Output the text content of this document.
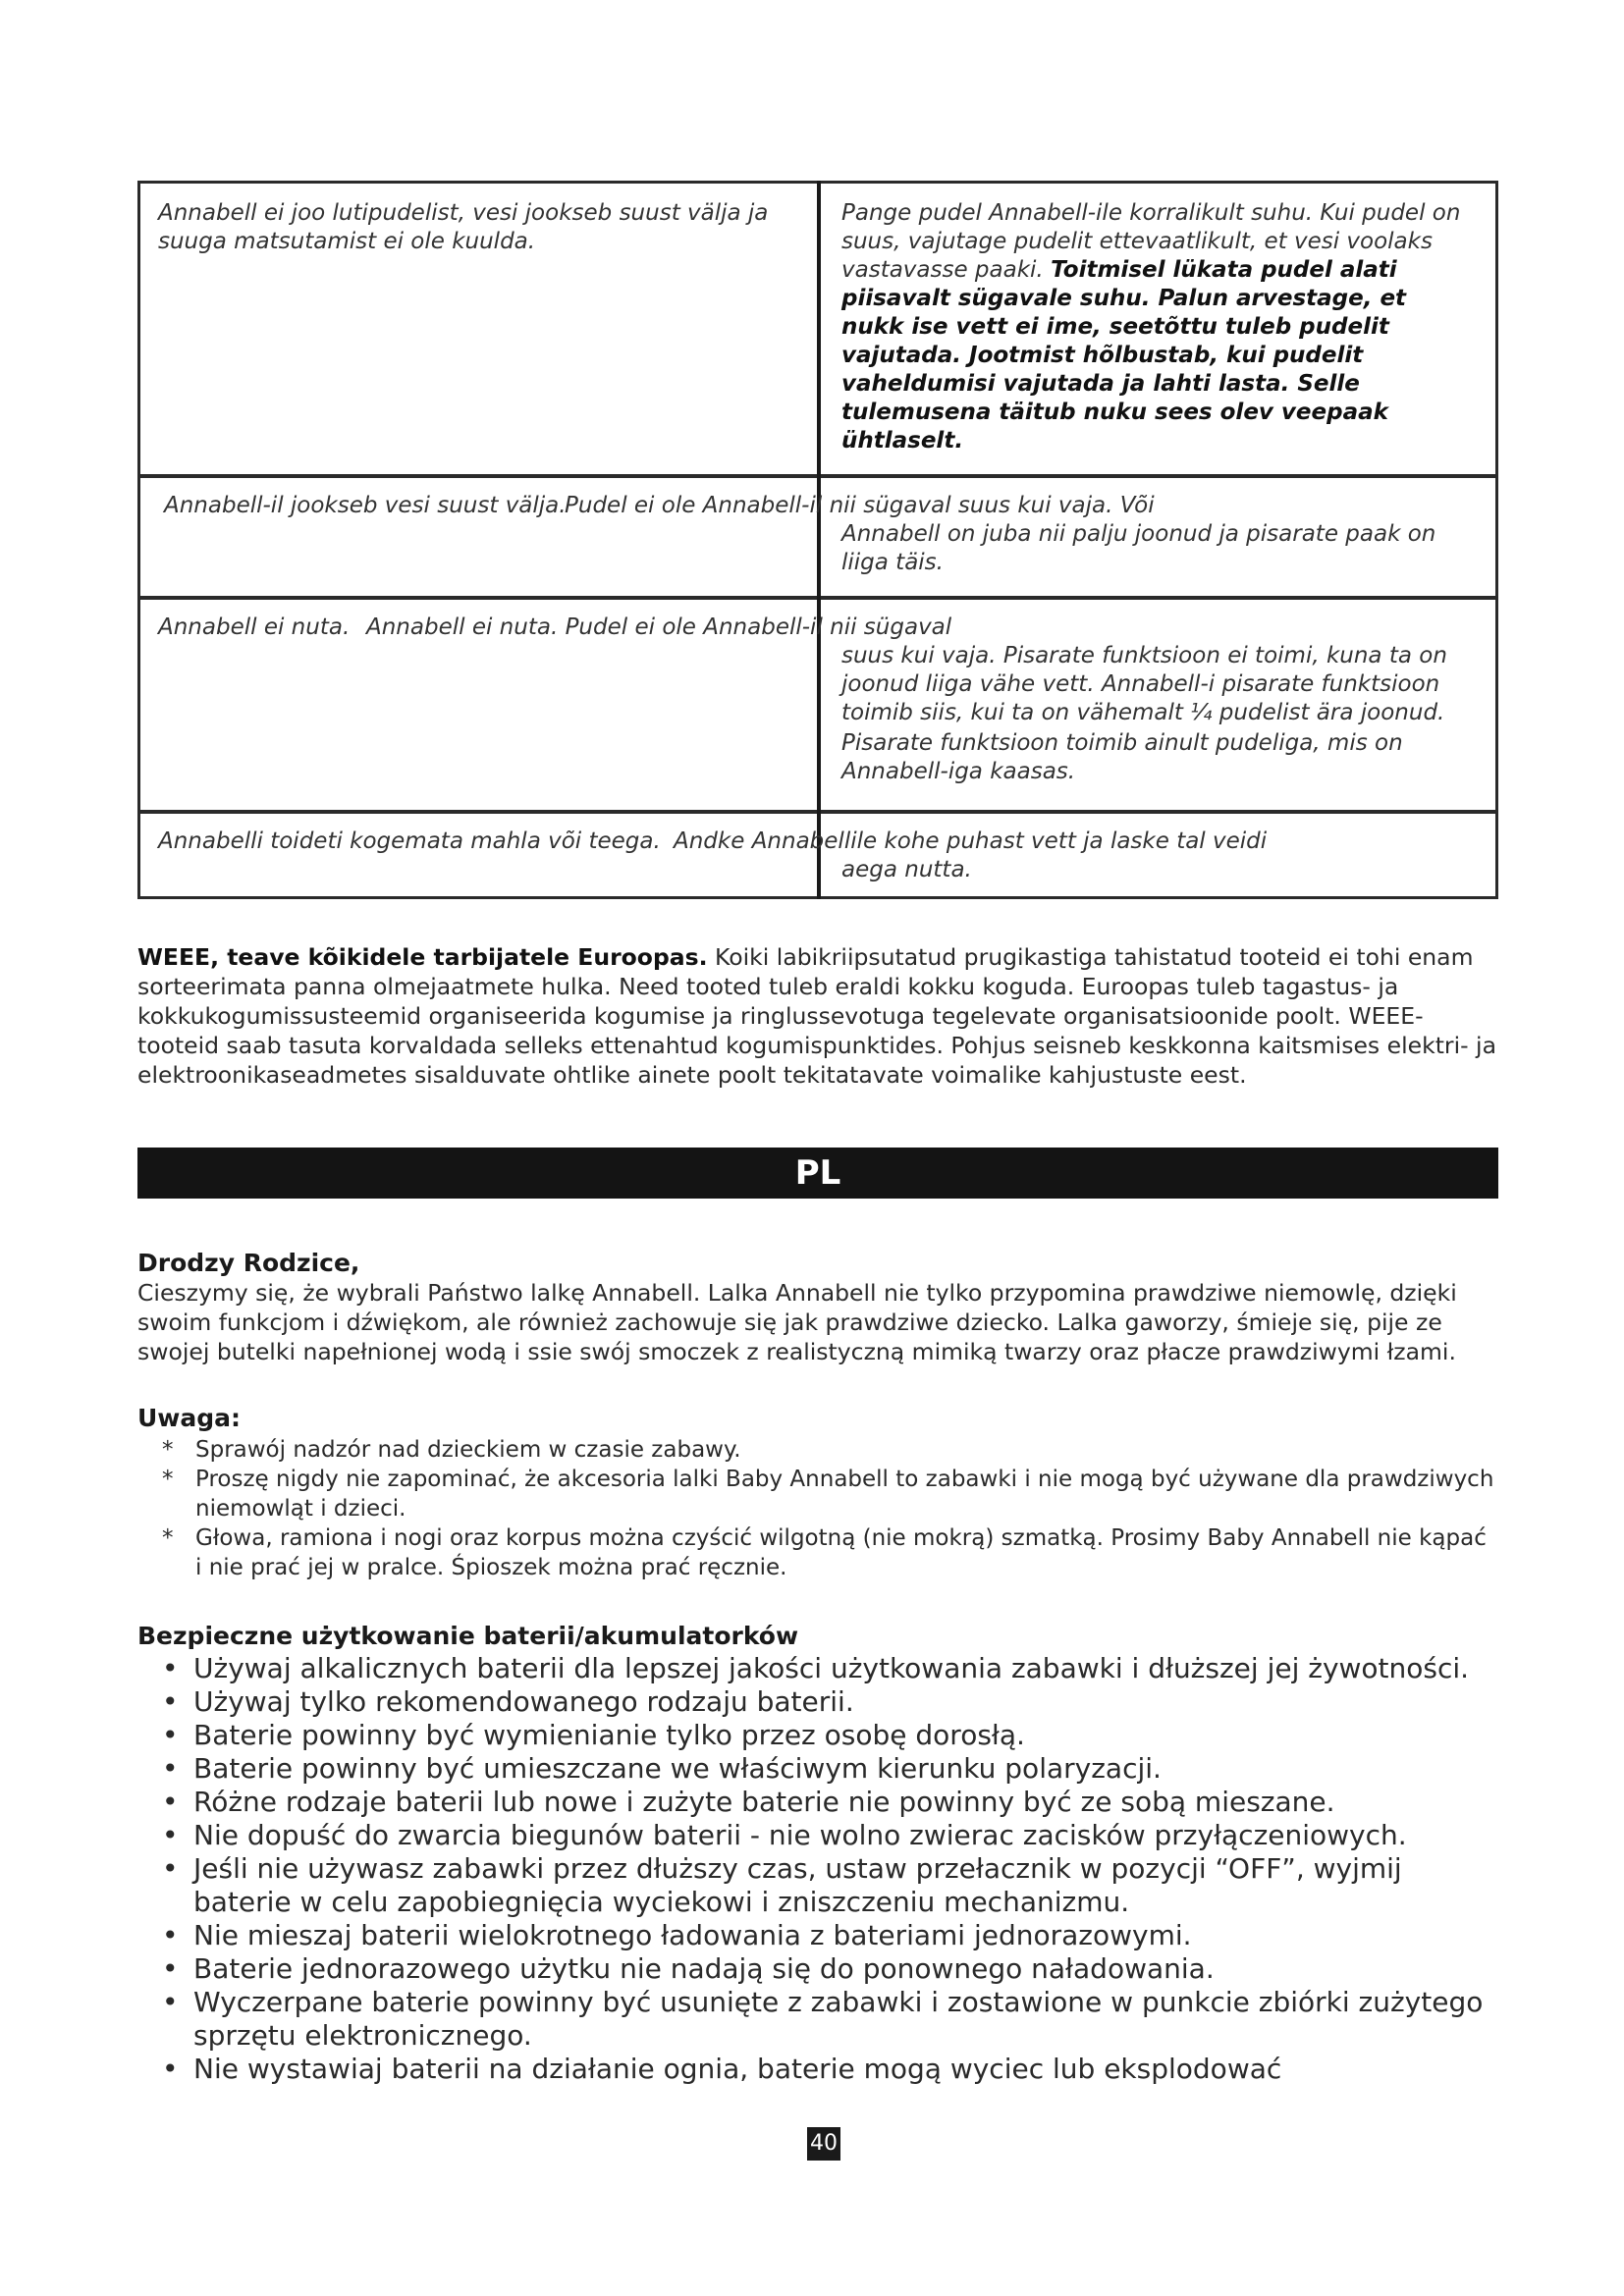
Annabell ei joo lutipudelist, vesi jookseb suust välja ja suuga matsutamist ei ole kuulda.
Pange pudel Annabell-ile korralikult suhu. Kui pudel on suus, vajutage pudelit ettevaatlikult, et vesi voolaks vastavasse paaki. Toitmisel lükata pudel alati piisavalt sügavale suhu. Palun arvestage, et nukk ise vett ei ime, seetõttu tuleb pudelit vajutada. Jootmist hõlbustab, kui pudelit vaheldumisi vajutada ja lahti lasta. Selle tulemusena täitub nuku sees olev veepaak ühtlaselt.
Annabell-il jookseb vesi suust välja.
Pudel ei ole Annabell-il nii sügaval suus kui vaja. Või
Annabell on juba nii palju joonud ja pisarate paak on liiga täis.
Annabell ei nuta. Annabell ei nuta. Pudel ei ole Annabell-il nii sügaval
suus kui vaja. Pisarate funktsioon ei toimi, kuna ta on joonud liiga vähe vett. Annabell-i pisarate funktsioon toimib siis, kui ta on vähemalt ¼ pudelist ära joonud.
Pisarate funktsioon toimib ainult pudeliga, mis on Annabell-iga kaasas.
Annabelli toideti kogemata mahla või teega. Andke Annabellile kohe puhast vett ja laske tal veidi
aega nutta.
WEEE, teave kõikidele tarbijatele Euroopas. Koiki labikriipsutatud prugikastiga tahistatud tooteid ei tohi enam sorteerimata panna olmejaatmete hulka. Need tooted tuleb eraldi kokku koguda. Euroopas tuleb tagastus- ja kokkukogumissusteemid organiseerida kogumise ja ringlussevotuga tegelevate organisatsioonide poolt. WEEE-tooteid saab tasuta korvaldada selleks ettenahtud kogumispunktides. Pohjus seisneb keskkonna kaitsmises elektri- ja elektroonikaseadmetes sisalduvate ohtlike ainete poolt tekitatavate voimalike kahjustuste eest.
PL
Drodzy Rodzice,
Cieszymy się, że wybrali Państwo lalkę Annabell. Lalka Annabell nie tylko przypomina prawdziwe niemowlę, dzięki swoim funkcjom i dźwiękom, ale również zachowuje się jak prawdziwe dziecko. Lalka gaworzy, śmieje się, pije ze swojej butelki napełnionej wodą i ssie swój smoczek z realistyczną mimiką twarzy oraz płacze prawdziwymi łzami.
Uwaga:
* Sprawój nadzór nad dzieckiem w czasie zabawy.
* Proszę nigdy nie zapominać, że akcesoria lalki Baby Annabell to zabawki i nie mogą być używane dla prawdziwych niemowląt i dzieci.
* Głowa, ramiona i nogi oraz korpus można czyścić wilgotną (nie mokrą) szmatką. Prosimy Baby Annabell nie kąpać i nie prać jej w pralce. Śpioszek można prać ręcznie.
Bezpieczne użytkowanie baterii/akumulatorków
• Używaj alkalicznych baterii dla lepszej jakości użytkowania zabawki i dłuższej jej żywotności.
• Używaj tylko rekomendowanego rodzaju baterii.
• Baterie powinny być wymienianie tylko przez osobę dorosłą.
• Baterie powinny być umieszczane we właściwym kierunku polaryzacji.
• Różne rodzaje baterii lub nowe i zużyte baterie nie powinny być ze sobą mieszane.
• Nie dopuść do zwarcia biegunów baterii - nie wolno zwierac zacisków przyłączeniowych.
• Jeśli nie używasz zabawki przez dłuższy czas, ustaw przełacznik w pozycji “OFF”, wyjmij baterie w celu zapobiegnięcia wyciekowi i zniszczeniu mechanizmu.
• Nie mieszaj baterii wielokrotnego ładowania z bateriami jednorazowymi.
• Baterie jednorazowego użytku nie nadają się do ponownego naładowania.
• Wyczerpane baterie powinny być usunięte z zabawki i zostawione w punkcie zbiórki zużytego sprzętu elektronicznego.
• Nie wystawiaj baterii na działanie ognia, baterie mogą wyciec lub eksplodować
40
